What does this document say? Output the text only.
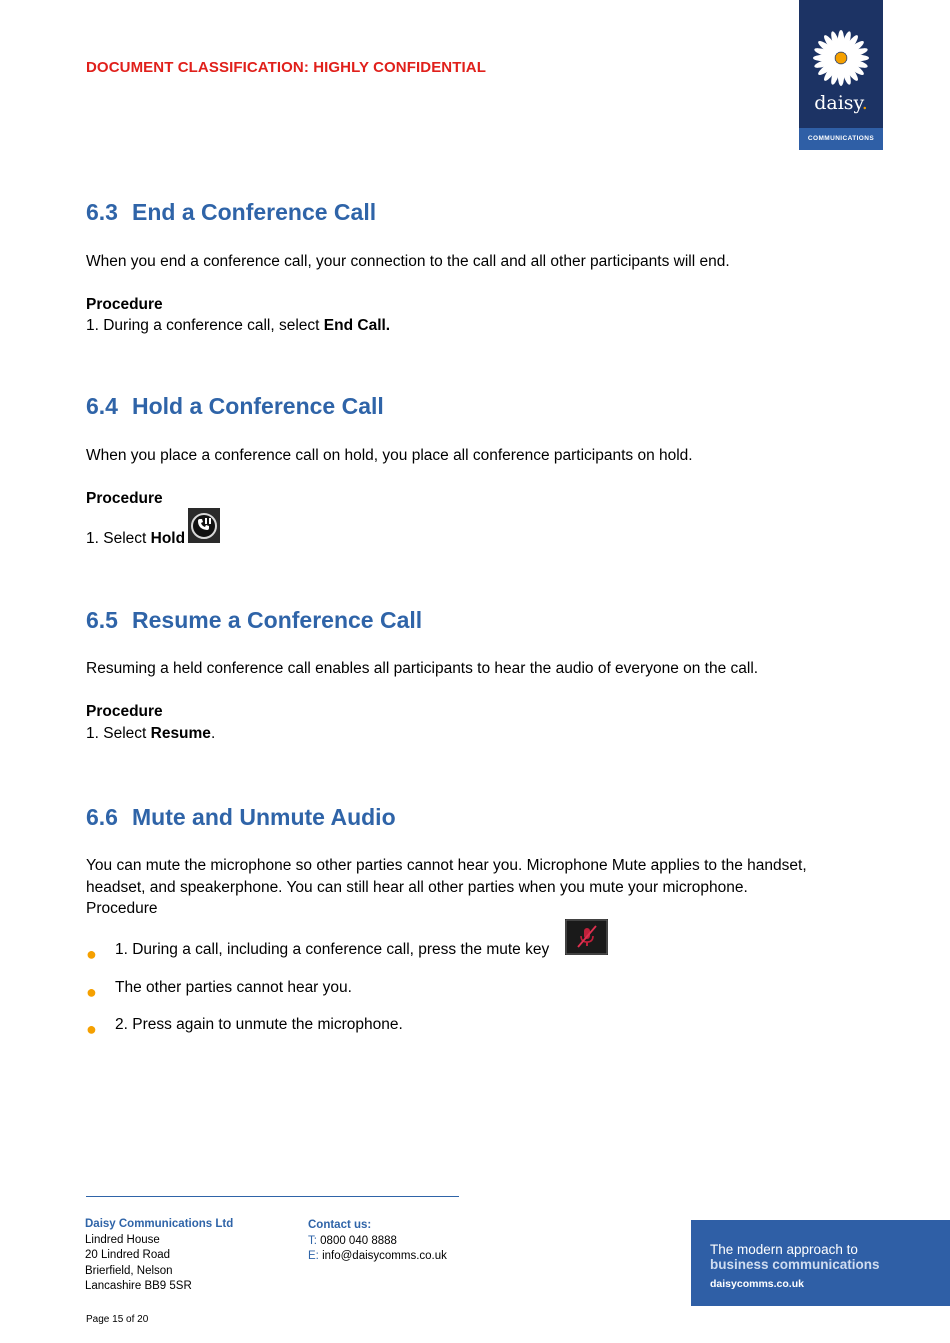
DOCUMENT CLASSIFICATION: HIGHLY CONFIDENTIAL
daisy.
COMMUNICATIONS
6.3 End a Conference Call
When you end a conference call, your connection to the call and all other participants will end.
Procedure
1. During a conference call, select End Call.
6.4 Hold a Conference Call
When you place a conference call on hold, you place all conference participants on hold.
Procedure
1. Select Hold
6.5 Resume a Conference Call
Resuming a held conference call enables all participants to hear the audio of everyone on the call.
Procedure
1. Select Resume.
6.6 Mute and Unmute Audio
You can mute the microphone so other parties cannot hear you. Microphone Mute applies to the handset,
headset, and speakerphone. You can still hear all other parties when you mute your microphone.
Procedure
● 1. During a call, including a conference call, press the mute key
● The other parties cannot hear you.
● 2. Press again to unmute the microphone.
Daisy Communications Ltd
Lindred House
20 Lindred Road
Brierfield, Nelson
Lancashire BB9 5SR
Contact us:
T: 0800 040 8888
E: info@daisycomms.co.uk	The modern approach to
business communications
daisycomms.co.uk
Page 15 of 20
